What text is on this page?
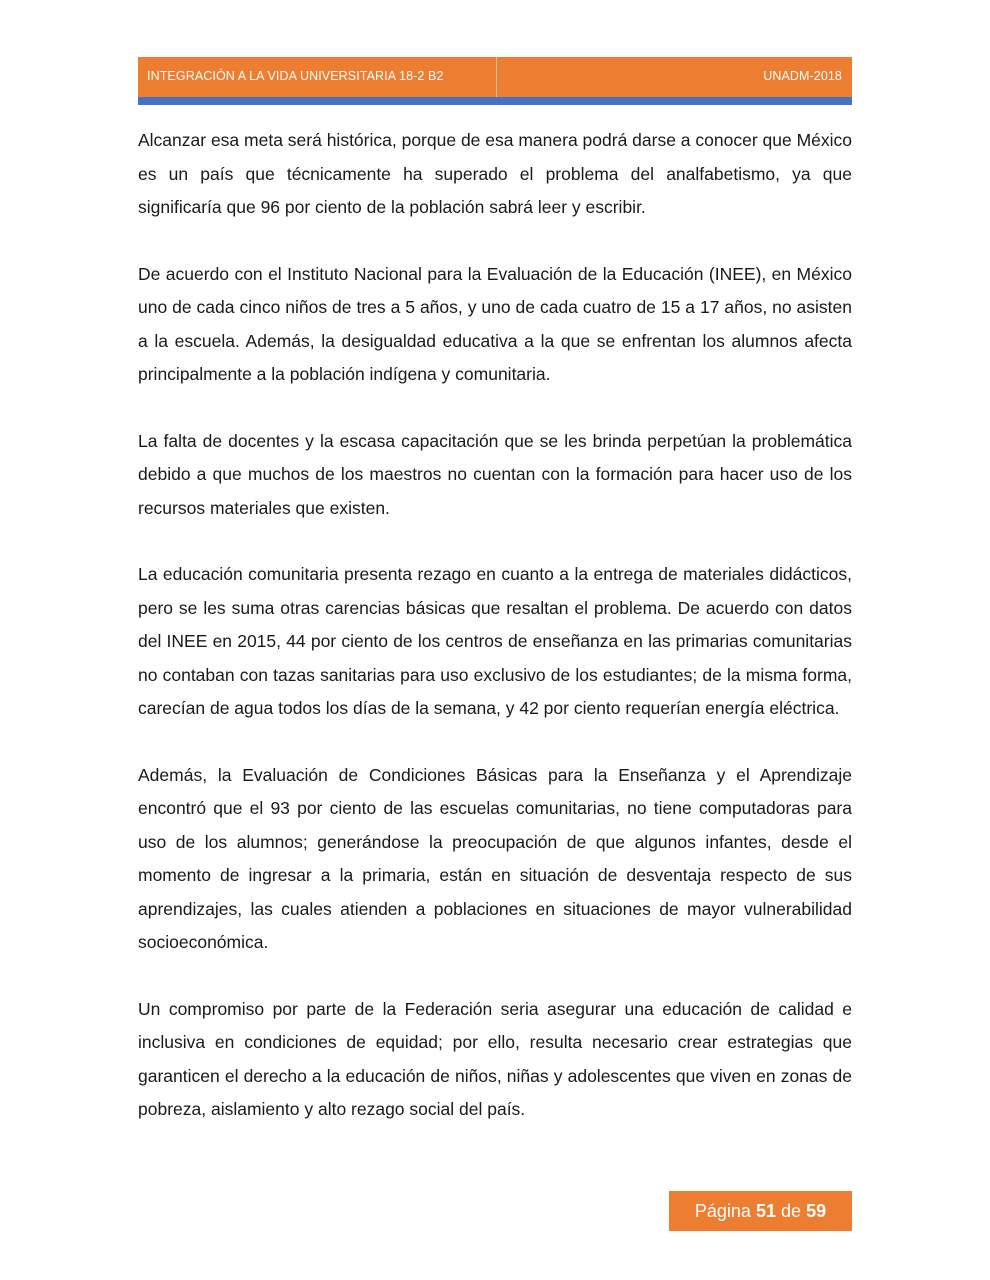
INTEGRACIÓN A LA VIDA UNIVERSITARIA 18-2 B2	UNADM-2018

Alcanzar esa meta será histórica, porque de esa manera podrá darse a conocer que México es un país que técnicamente ha superado el problema del analfabetismo, ya que significaría que 96 por ciento de la población sabrá leer y escribir.

De acuerdo con el Instituto Nacional para la Evaluación de la Educación (INEE), en México uno de cada cinco niños de tres a 5 años, y uno de cada cuatro de 15 a 17 años, no asisten a la escuela. Además, la desigualdad educativa a la que se enfrentan los alumnos afecta principalmente a la población indígena y comunitaria.

La falta de docentes y la escasa capacitación que se les brinda perpetúan la problemática debido a que muchos de los maestros no cuentan con la formación para hacer uso de los recursos materiales que existen.

La educación comunitaria presenta rezago en cuanto a la entrega de materiales didácticos, pero se les suma otras carencias básicas que resaltan el problema. De acuerdo con datos del INEE en 2015, 44 por ciento de los centros de enseñanza en las primarias comunitarias no contaban con tazas sanitarias para uso exclusivo de los estudiantes; de la misma forma, carecían de agua todos los días de la semana, y 42 por ciento requerían energía eléctrica.

Además, la Evaluación de Condiciones Básicas para la Enseñanza y el Aprendizaje encontró que el 93 por ciento de las escuelas comunitarias, no tiene computadoras para uso de los alumnos; generándose la preocupación de que algunos infantes, desde el momento de ingresar a la primaria, están en situación de desventaja respecto de sus aprendizajes, las cuales atienden a poblaciones en situaciones de mayor vulnerabilidad socioeconómica.

Un compromiso por parte de la Federación seria asegurar una educación de calidad e inclusiva en condiciones de equidad; por ello, resulta necesario crear estrategias que garanticen el derecho a la educación de niños, niñas y adolescentes que viven en zonas de pobreza, aislamiento y alto rezago social del país.

Página 51 de 59
